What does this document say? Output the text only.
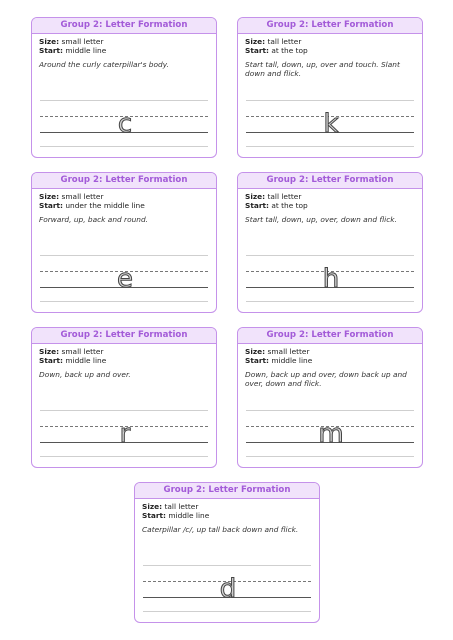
Group 2: Letter Formation
Size: small letter
Start: middle line
Around the curly caterpillar's body.
c
Group 2: Letter Formation
Size: tall letter
Start: at the top
Start tall, down, up, over and touch. Slant down and flick.
k
Group 2: Letter Formation
Size: small letter
Start: under the middle line
Forward, up, back and round.
e
Group 2: Letter Formation
Size: tall letter
Start: at the top
Start tall, down, up, over, down and flick.
h
Group 2: Letter Formation
Size: small letter
Start: middle line
Down, back up and over.
r
Group 2: Letter Formation
Size: small letter
Start: middle line
Down, back up and over, down back up and over, down and flick.
m
Group 2: Letter Formation
Size: tall letter
Start: middle line
Caterpillar /c/, up tall back down and flick.
d
